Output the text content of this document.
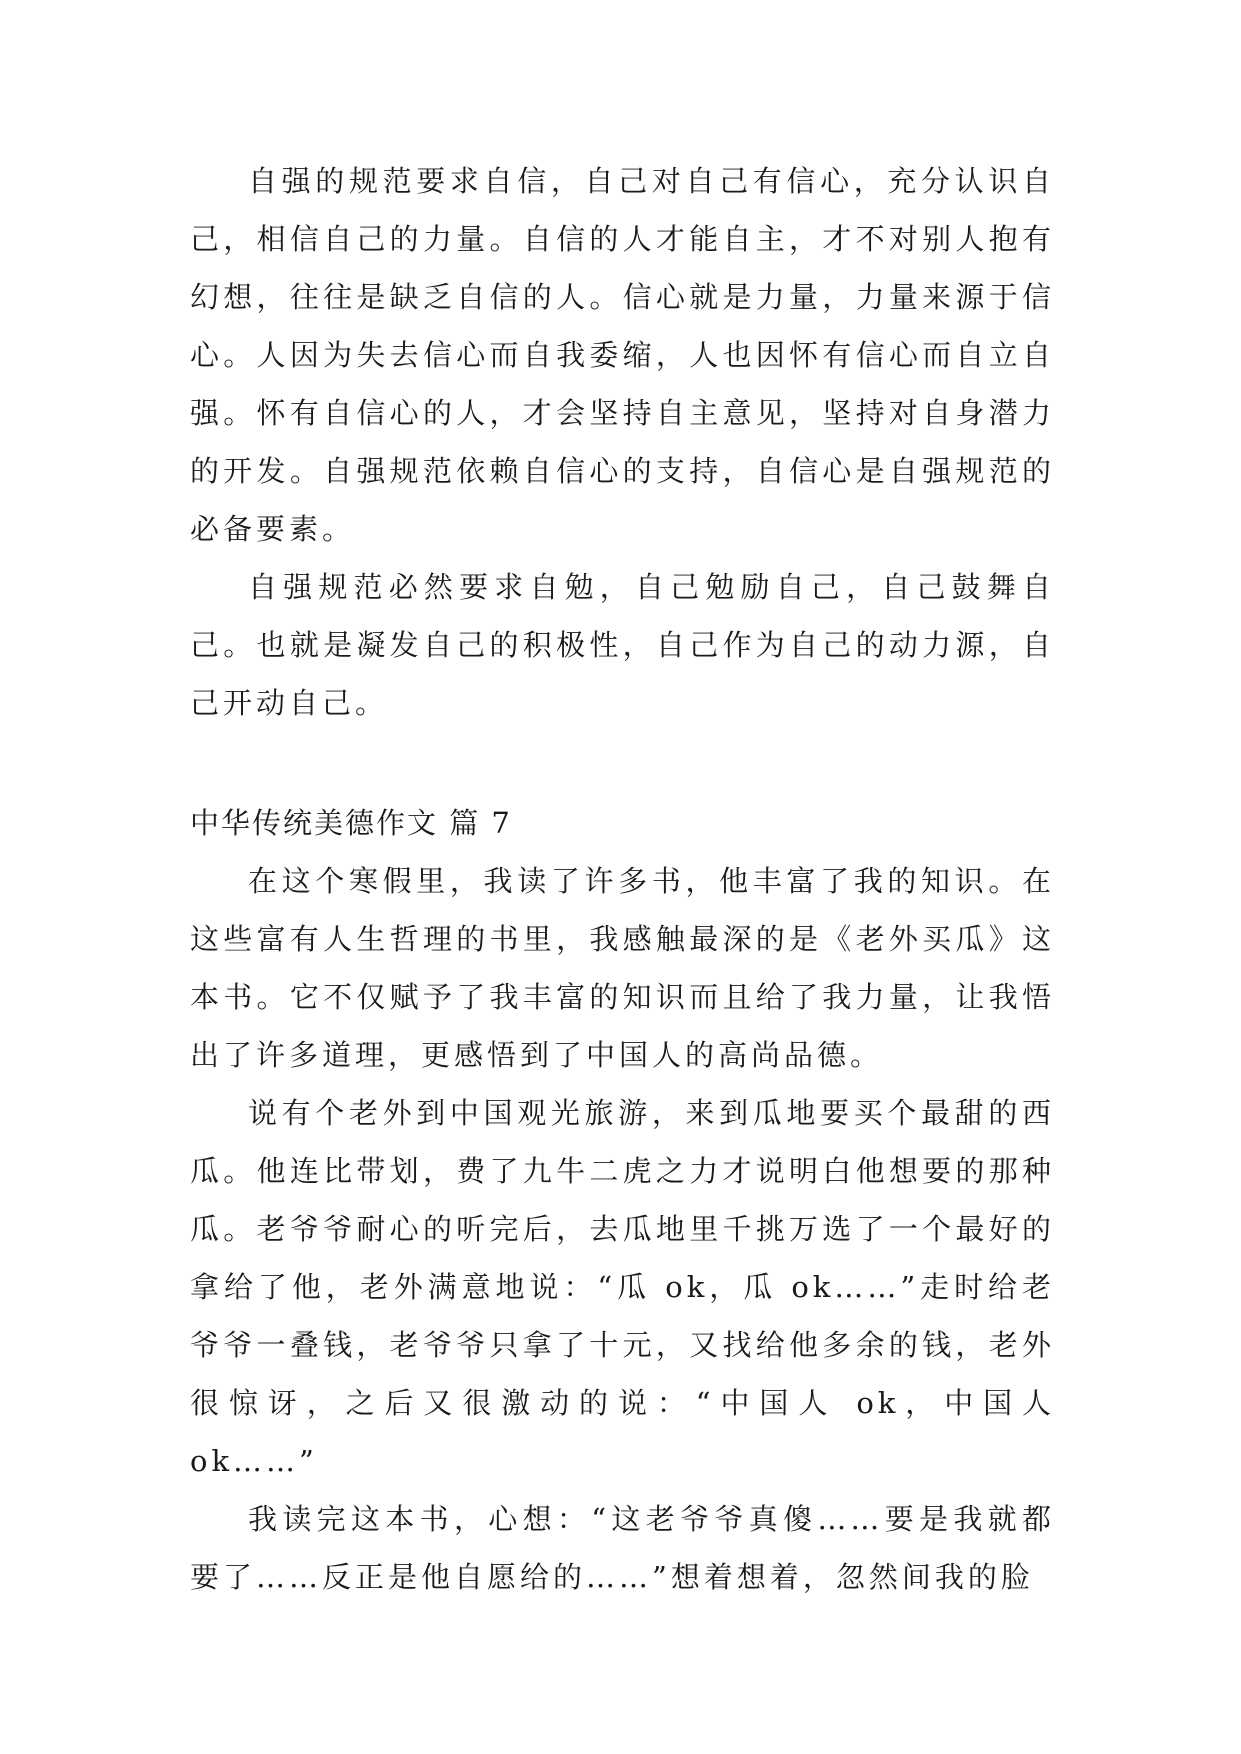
自强的规范要求自信，自己对自己有信心，充分认识自己，相信自己的力量。自信的人才能自主，才不对别人抱有幻想，往往是缺乏自信的人。信心就是力量，力量来源于信心。人因为失去信心而自我委缩，人也因怀有信心而自立自强。怀有自信心的人，才会坚持自主意见，坚持对自身潜力的开发。自强规范依赖自信心的支持，自信心是自强规范的必备要素。

自强规范必然要求自勉，自己勉励自己，自己鼓舞自己。也就是凝发自己的积极性，自己作为自己的动力源，自己开动自己。

中华传统美德作文 篇 7

在这个寒假里，我读了许多书，他丰富了我的知识。在这些富有人生哲理的书里，我感触最深的是《老外买瓜》这本书。它不仅赋予了我丰富的知识而且给了我力量，让我悟出了许多道理，更感悟到了中国人的高尚品德。

说有个老外到中国观光旅游，来到瓜地要买个最甜的西瓜。他连比带划，费了九牛二虎之力才说明白他想要的那种瓜。老爷爷耐心的听完后，去瓜地里千挑万选了一个最好的拿给了他，老外满意地说：“瓜 ok，瓜 ok……”走时给老爷爷一叠钱，老爷爷只拿了十元，又找给他多余的钱，老外很惊讶，之后又很激动的说：“中国人 ok，中国人 ok……”

我读完这本书，心想：“这老爷爷真傻……要是我就都要了……反正是他自愿给的……”想着想着，忽然间我的脸
